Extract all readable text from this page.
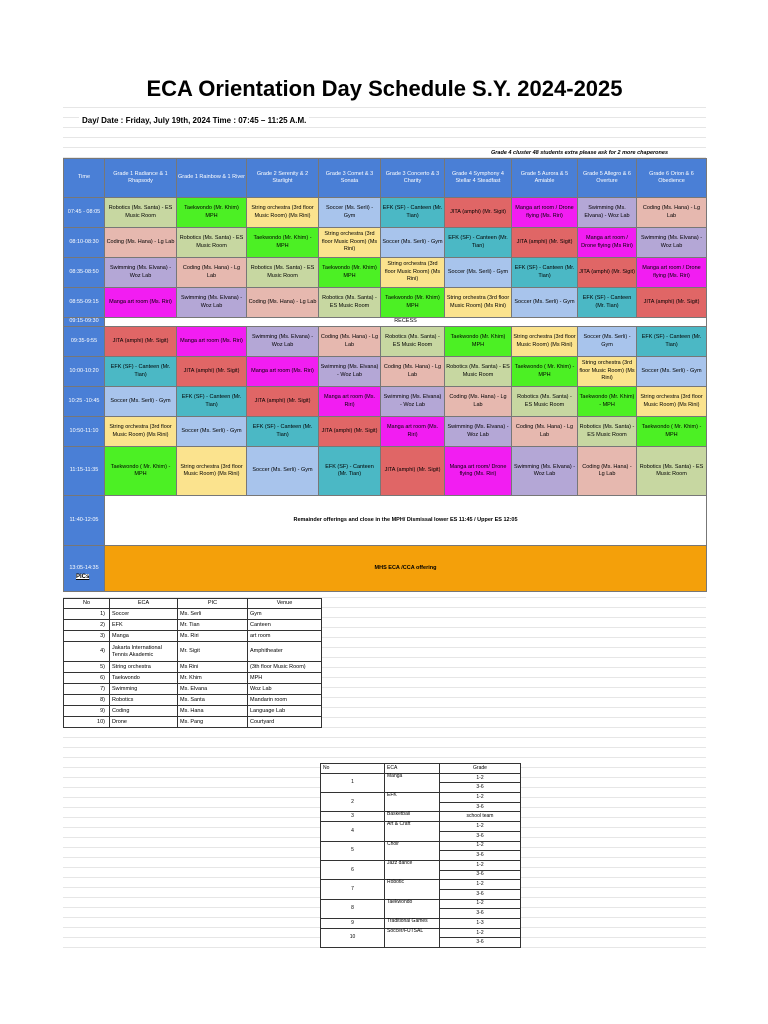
ECA Orientation Day Schedule S.Y. 2024-2025
Day/ Date : Friday, July 19th, 2024 Time : 07:45 – 11:25 A.M.
Grade 4 cluster 48 students extra please ask for 2 more chaperones
Time	Grade 1 Radiance & 1 Rhapsody	Grade 1 Rainbow & 1 River	Grade 2 Serenity & 2 Starlight	Grade 3 Comet & 3 Sonata	Grade 3 Concerto & 3 Charity	Grade 4 Symphony 4 Stellar 4 Steadfast	Grade 5 Aurora & 5 Amiable	Grade 5 Allegro & 6 Overture	Grade 6 Orion & 6 Obedience
07:45 - 08:05	Robotics (Ms. Santa) - ES Music Room	Taekwondo (Mr. Khim) MPH	String orchestra (3rd floor Music Room) (Ms Rini)	Soccer (Ms. Serli) - Gym	EFK (SF) - Canteen (Mr. Tian)	JITA (amphi) (Mr. Sigit)	Manga art room / Drone flying (Ms. Riri)	Swimming (Ms. Elvana) - Woz Lab	Coding (Ms. Hana) - Lg Lab
08:10-08:30	Coding (Ms. Hana) - Lg Lab	Robotics (Ms. Santa) - ES Music Room	Taekwondo (Mr. Khim) - MPH	String orchestra (3rd floor Music Room) (Ms Rini)	Soccer (Ms. Serli) - Gym	EFK (SF) - Canteen (Mr. Tian)	JITA (amphi) (Mr. Sigit)	Manga art room / Drone flying (Ms Riri)	Swimming (Ms. Elvana) - Woz Lab
08:35-08:50	Swimming (Ms. Elvana) - Woz Lab	Coding (Ms. Hana) - Lg Lab	Robotics (Ms. Santa) - ES Music Room	Taekwondo (Mr. Khim) MPH	String orchestra (3rd floor Music Room) (Ms Rini)	Soccer (Ms. Serli) - Gym	EFK (SF) - Canteen (Mr. Tian)	JITA (amphi) (Mr. Sigit)	Manga art room / Drone flying (Ms. Riri)
08:55-09:15	Manga art room (Ms. Riri)	Swimming (Ms. Elvana) - Woz Lab	Coding (Ms. Hana) - Lg Lab	Robotics (Ms. Santa) - ES Music Room	Taekwondo (Mr. Khim) MPH	String orchestra (3rd floor Music Room) (Ms Rini)	Soccer (Ms. Serli) - Gym	EFK (SF) - Canteen (Mr. Tian)	JITA (amphi) (Mr. Sigit)
09:15-09:30	RECESS								
09:35-9:55	JITA (amphi) (Mr. Sigit)	Manga art room (Ms. Riri)	Swimming (Ms. Elvana) - Woz Lab	Coding (Ms. Hana) - Lg Lab	Robotics (Ms. Santa) - ES Music Room	Taekwondo (Mr. Khim) MPH	String orchestra (3rd floor Music Room) (Ms Rini)	Soccer (Ms. Serli) - Gym	EFK (SF) - Canteen (Mr. Tian)
10:00-10:20	EFK (SF) - Canteen (Mr. Tian)	JITA (amphi) (Mr. Sigit)	Manga art room (Ms. Riri)	Swimming (Ms. Elvana) - Woz Lab	Coding (Ms. Hana) - Lg Lab	Robotics (Ms. Santa) - ES Music Room	Taekwondo ( Mr. Khim) - MPH	String orchestra (3rd floor Music Room) (Ms Rini)	Soccer (Ms. Serli) - Gym
10:25 -10:45	Soccer (Ms. Serli) - Gym	EFK (SF) - Canteen (Mr. Tian)	JITA (amphi) (Mr. Sigit)	Manga art room (Ms. Riri)	Swimming (Ms. Elvana) - Woz Lab	Coding (Ms. Hana) - Lg Lab	Robotics (Ms. Santa) - ES Music Room	Taekwondo (Mr. Khim) - MPH	String orchestra (3rd floor Music Room) (Ms Rini)
10:50-11:10	String orchestra (3rd floor Music Room) (Ms Rini)	Soccer (Ms. Serli) - Gym	EFK (SF) - Canteen (Mr. Tian)	JITA (amphi) (Mr. Sigit)	Manga art room (Ms. Riri)	Swimming (Ms. Elvana) - Woz Lab	Coding (Ms. Hana) - Lg Lab	Robotics (Ms. Santa) - ES Music Room	Taekwondo ( Mr. Khim) - MPH
11:15-11:35	Taekwondo ( Mr. Khim) - MPH	String orchestra (3rd floor Music Room) (Ms Rini)	Soccer (Ms. Serli) - Gym	EFK (SF) - Canteen (Mr. Tian)	JITA (amphi) (Mr. Sigit)	Manga art room/ Drone flying (Ms. Riri)	Swimming (Ms. Elvana) - Woz Lab	Coding (Ms. Hana) - Lg Lab	Robotics (Ms. Santa) - ES Music Room
11:40-12:05	Remainder offerings and close in the MPH/ Dismissal lower ES 11:45 / Upper ES 12:05								
13:05-14:35	MHS ECA /CCA offering								
PICs
No	ECA	PIC	Venue
1)	Soccer	Ms. Serli	Gym
2)	EFK	Mr. Tian	Canteen
3)	Manga	Ms. Riri	art room
4)	Jakarta International Tennis Akademic	Mr. Sigit	Amphitheater
5)	String orchestra	Ms Rini	(3th floor Music Room)
6)	Taekwondo	Mr. Khim	MPH
7)	Swimming	Ms. Elvana	Woz Lab
8)	Robotics	Ms. Santa	Mandarin room
9)	Coding	Ms. Hana	Language Lab
10)	Drone	Ms. Pang	Courtyard
No	ECA	Grade
1	Manga	1-2
		3-6
2	EFK	1-2
		3-6
3	Basketball	school team
4	Art & Craft	1-2
		3-6
5	Choir	1-2
		3-6
6	Jazz dance	1-2
		3-6
7	Robotic	1-2
		3-6
8	Taekwondo	1-2
		3-6
9	Traditional Games	1-3
10	Soccer/FUTSAL	1-2
		3-6
